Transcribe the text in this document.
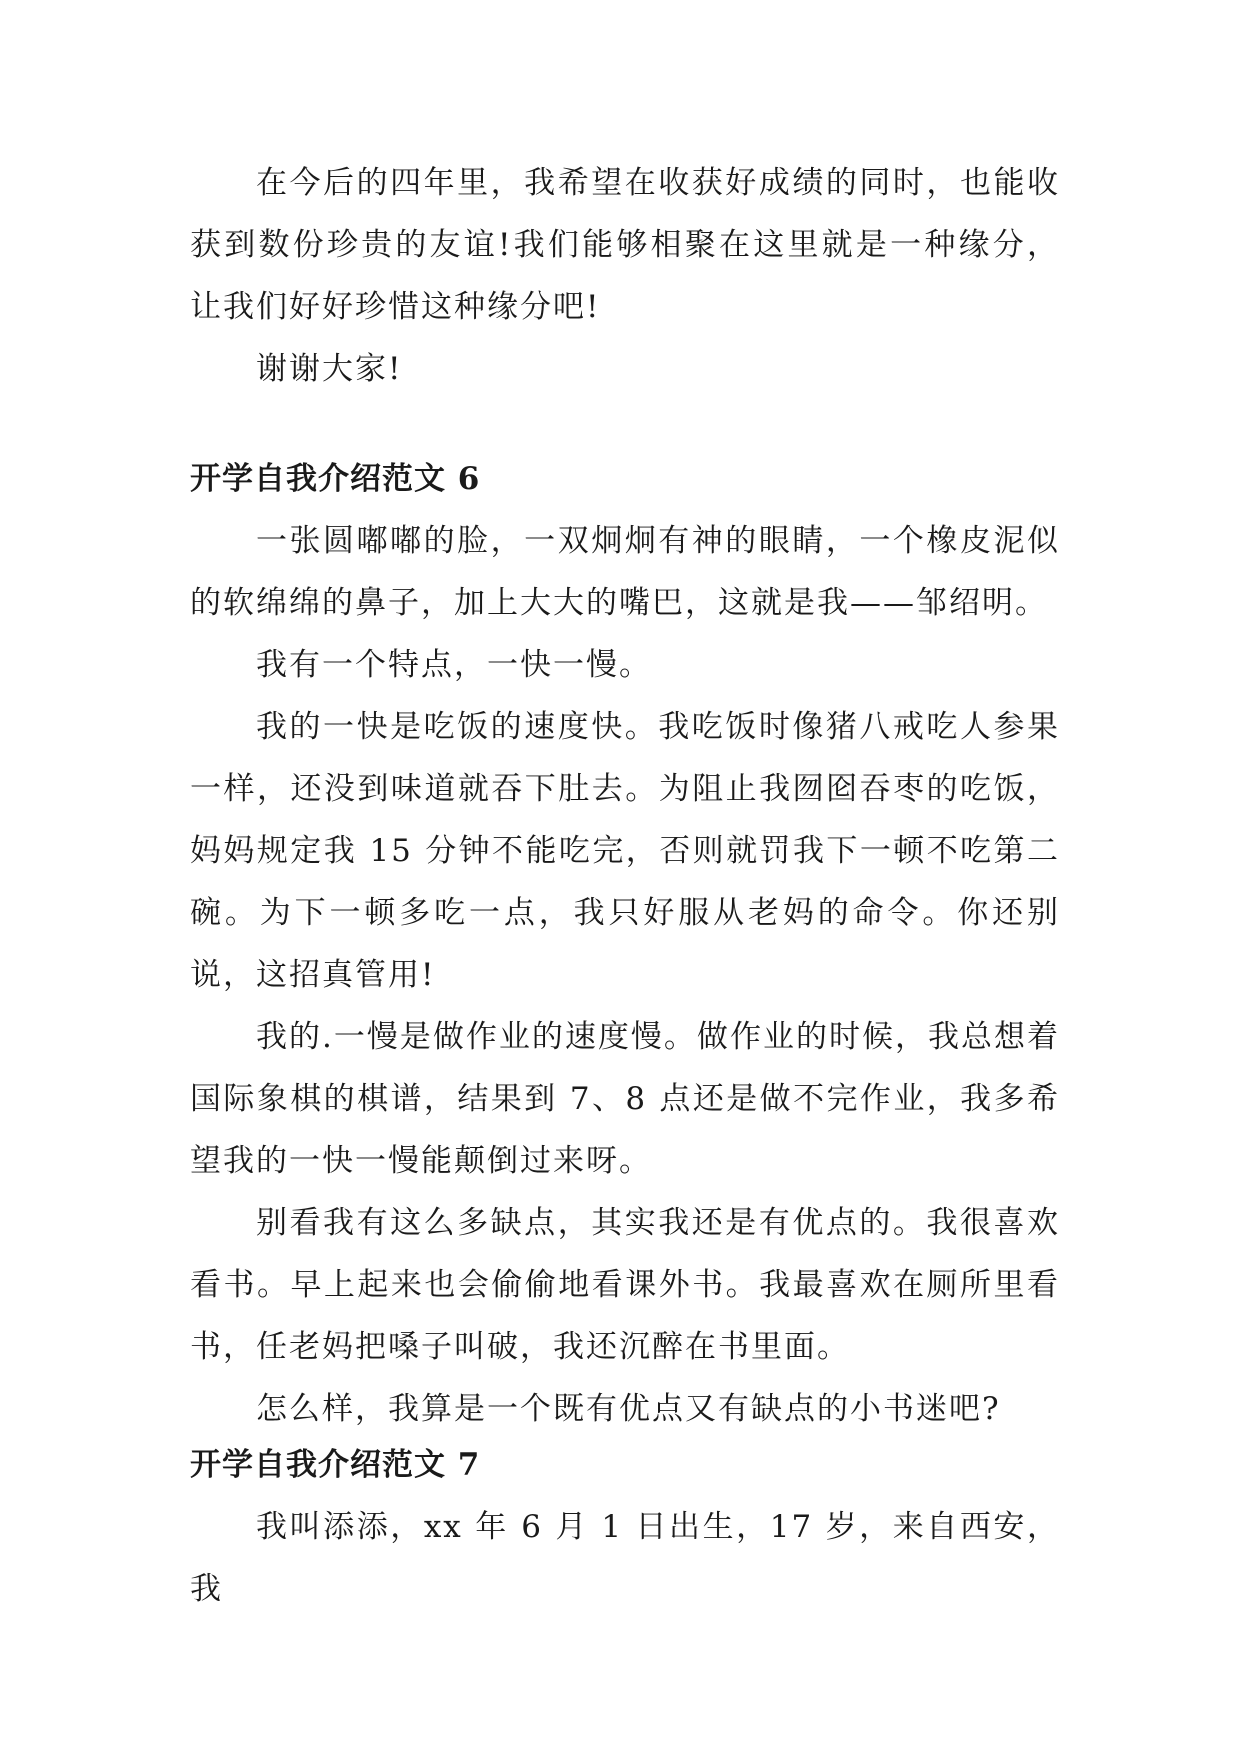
在今后的四年里，我希望在收获好成绩的同时，也能收获到数份珍贵的友谊!我们能够相聚在这里就是一种缘分，让我们好好珍惜这种缘分吧!

谢谢大家!

开学自我介绍范文 6

一张圆嘟嘟的脸，一双炯炯有神的眼睛，一个橡皮泥似的软绵绵的鼻子，加上大大的嘴巴，这就是我——邹绍明。

我有一个特点，一快一慢。

我的一快是吃饭的速度快。我吃饭时像猪八戒吃人参果一样，还没到味道就吞下肚去。为阻止我囫囵吞枣的吃饭，妈妈规定我 15 分钟不能吃完，否则就罚我下一顿不吃第二碗。为下一顿多吃一点，我只好服从老妈的命令。你还别说，这招真管用!

我的.一慢是做作业的速度慢。做作业的时候，我总想着国际象棋的棋谱，结果到 7、8 点还是做不完作业，我多希望我的一快一慢能颠倒过来呀。

别看我有这么多缺点，其实我还是有优点的。我很喜欢看书。早上起来也会偷偷地看课外书。我最喜欢在厕所里看书，任老妈把嗓子叫破，我还沉醉在书里面。

怎么样，我算是一个既有优点又有缺点的小书迷吧?

开学自我介绍范文 7

我叫添添，xx 年 6 月 1 日出生，17 岁，来自西安，我
